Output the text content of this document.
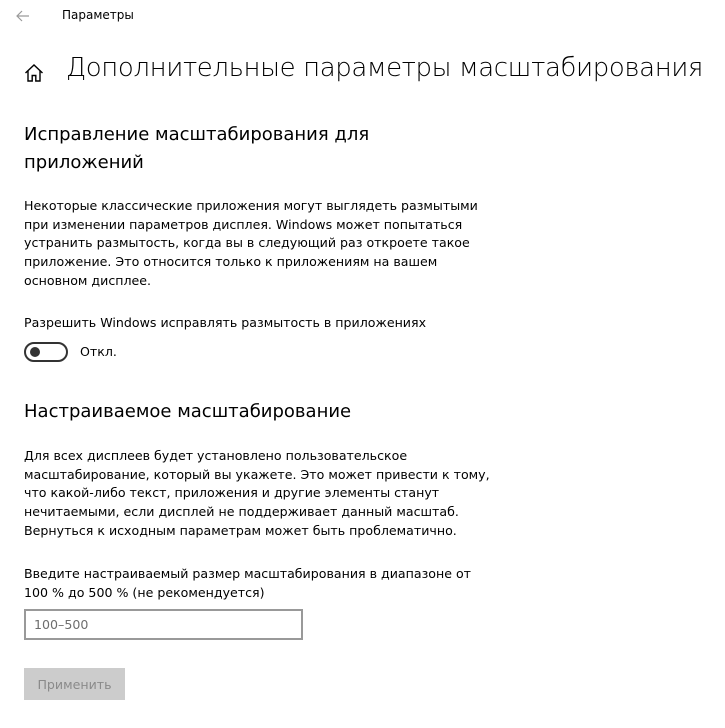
Параметры
Дополнительные параметры масштабирования
Исправление масштабирования для
приложений
Некоторые классические приложения могут выглядеть размытыми
при изменении параметров дисплея. Windows может попытаться
устранить размытость, когда вы в следующий раз откроете такое
приложение. Это относится только к приложениям на вашем
основном дисплее.
Разрешить Windows исправлять размытость в приложениях
Откл.
Настраиваемое масштабирование
Для всех дисплеев будет установлено пользовательское
масштабирование, который вы укажете. Это может привести к тому,
что какой-либо текст, приложения и другие элементы станут
нечитаемыми, если дисплей не поддерживает данный масштаб.
Вернуться к исходным параметрам может быть проблематично.
Введите настраиваемый размер масштабирования в диапазоне от
100 % до 500 % (не рекомендуется)
100–500
Применить
